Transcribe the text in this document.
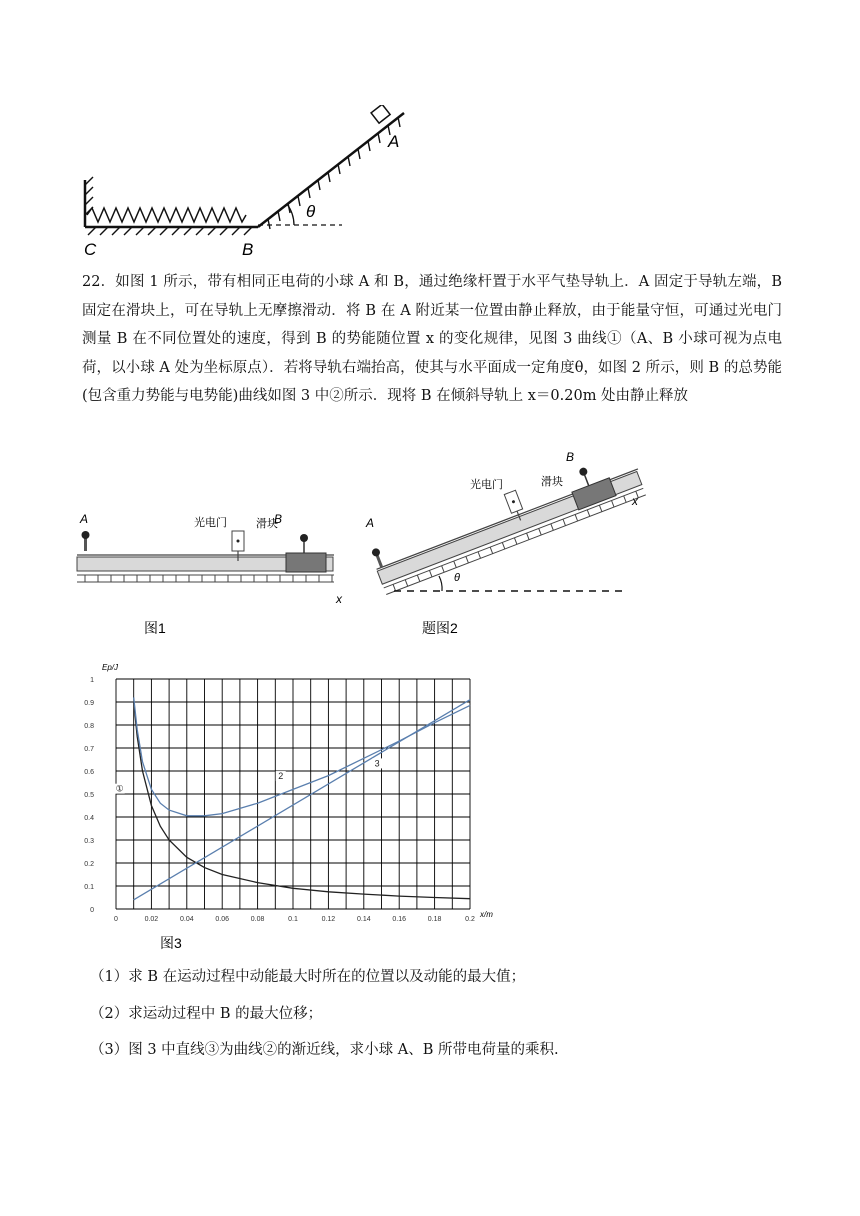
θ
A
C	B
22．如图 1 所示，带有相同正电荷的小球 A 和 B，通过绝缘杆置于水平气垫导轨上．A 固定于导轨左端，B 固定在滑块上，可在导轨上无摩擦滑动．将 B 在 A 附近某一位置由静止释放，由于能量守恒，可通过光电门测量 B 在不同位置处的速度，得到 B 的势能随位置 x 的变化规律，见图 3 曲线①（A、B 小球可视为点电荷，以小球 A 处为坐标原点）．若将导轨右端抬高，使其与水平面成一定角度θ，如图 2 所示，则 B 的总势能(包含重力势能与电势能)曲线如图 3 中②所示．现将 B 在倾斜导轨上 x＝0.20m 处由静止释放
A
x
光电门	滑块
B
图1
A
B
光电门	滑块
x
θ
题图2
0	0.02	0.04	0.06	0.08	0.1	0.12	0.14	0.16	0.18	0.2
0
0.1
0.2
0.3
0.4
0.5
0.6
0.7
0.8
0.9
1
①
2
3
Ep/J
x/m
图3
（1）求 B 在运动过程中动能最大时所在的位置以及动能的最大值；
（2）求运动过程中 B 的最大位移；
（3）图 3 中直线③为曲线②的渐近线，求小球 A、B 所带电荷量的乘积.
